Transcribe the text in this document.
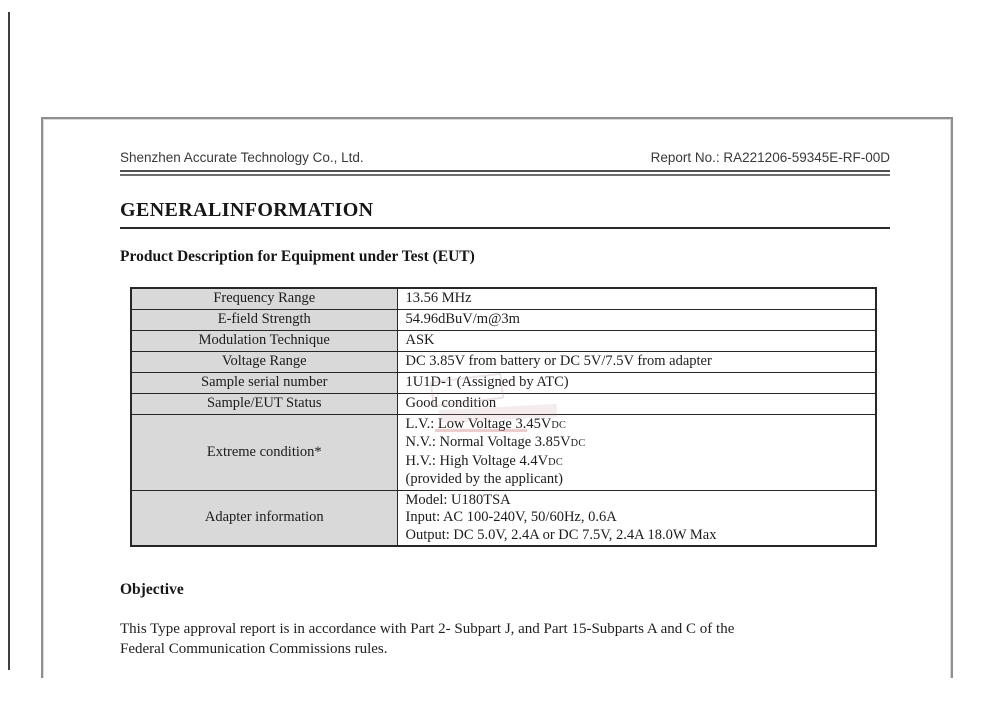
Shenzhen Accurate Technology Co., Ltd.	Report No.: RA221206-59345E-RF-00D
GENERALINFORMATION
Product Description for Equipment under Test (EUT)
Frequency Range	13.56 MHz

E-field Strength	54.96dBuV/m@3m

Modulation Technique	ASK

Voltage Range	DC 3.85V from battery or DC 5V/7.5V from adapter

Sample serial number	1U1D-1 (Assigned by ATC)

Sample/EUT Status	Good condition

Extreme condition*	L.V.: Low Voltage 3.45VDC
N.V.: Normal Voltage 3.85VDC
H.V.: High Voltage 4.4VDC
(provided by the applicant)

Adapter information	Model: U180TSA
Input: AC 100-240V, 50/60Hz, 0.6A
Output: DC 5.0V, 2.4A or DC 7.5V, 2.4A 18.0W Max
Objective
This Type approval report is in accordance with Part 2- Subpart J, and Part 15-Subparts A and C of the
Federal Communication Commissions rules.
